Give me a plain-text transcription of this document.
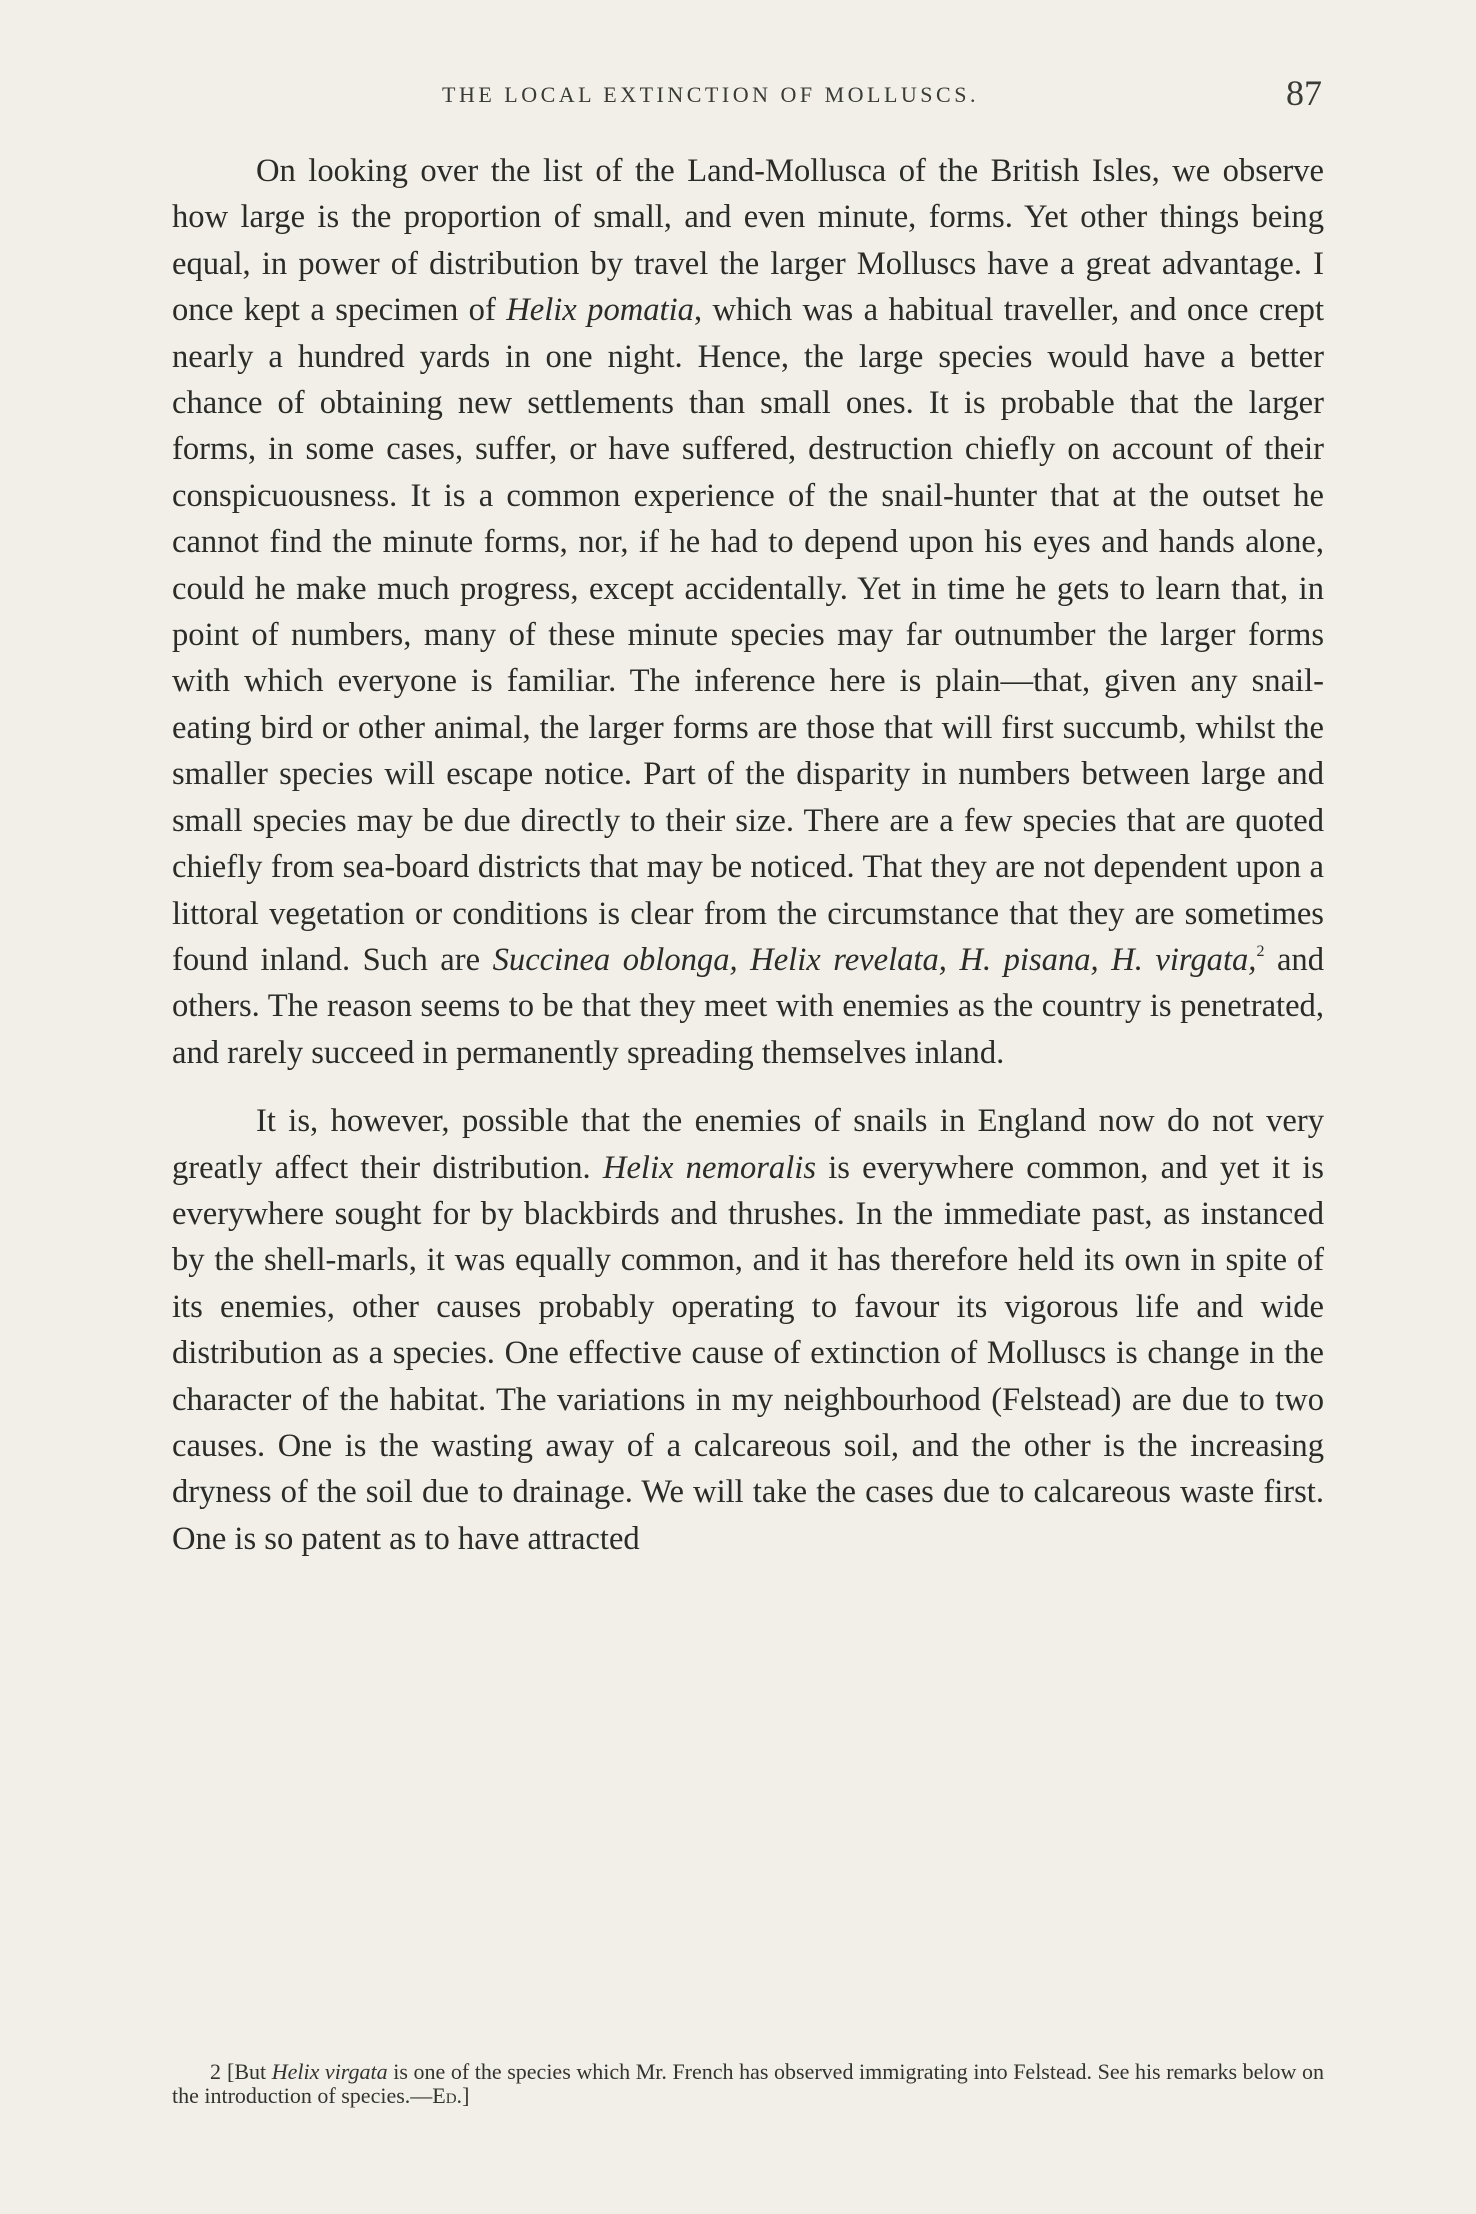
THE LOCAL EXTINCTION OF MOLLUSCS.	87

On looking over the list of the Land-Mollusca of the British Isles, we observe how large is the proportion of small, and even minute, forms. Yet other things being equal, in power of distribution by travel the larger Molluscs have a great advantage. I once kept a specimen of Helix pomatia, which was a habitual traveller, and once crept nearly a hundred yards in one night. Hence, the large species would have a better chance of obtaining new settlements than small ones. It is probable that the larger forms, in some cases, suffer, or have suffered, destruction chiefly on account of their conspicuousness. It is a common experience of the snail-hunter that at the outset he cannot find the minute forms, nor, if he had to depend upon his eyes and hands alone, could he make much progress, except accidentally. Yet in time he gets to learn that, in point of numbers, many of these minute species may far outnumber the larger forms with which everyone is familiar. The inference here is plain—that, given any snail-eating bird or other animal, the larger forms are those that will first succumb, whilst the smaller species will escape notice. Part of the disparity in numbers between large and small species may be due directly to their size. There are a few species that are quoted chiefly from sea-board districts that may be noticed. That they are not dependent upon a littoral vegetation or conditions is clear from the circumstance that they are sometimes found inland. Such are Succinea oblonga, Helix revelata, H. pisana, H. virgata,$^2$ and others. The reason seems to be that they meet with enemies as the country is penetrated, and rarely succeed in permanently spreading themselves inland.

It is, however, possible that the enemies of snails in England now do not very greatly affect their distribution. Helix nemoralis is everywhere common, and yet it is everywhere sought for by blackbirds and thrushes. In the immediate past, as instanced by the shell-marls, it was equally common, and it has therefore held its own in spite of its enemies, other causes probably operating to favour its vigorous life and wide distribution as a species. One effective cause of extinction of Molluscs is change in the character of the habitat. The variations in my neighbourhood (Felstead) are due to two causes. One is the wasting away of a calcareous soil, and the other is the increasing dryness of the soil due to drainage. We will take the cases due to calcareous waste first. One is so patent as to have attracted

2 [But Helix virgata is one of the species which Mr. French has observed immigrating into Felstead. See his remarks below on the introduction of species.—Ed.]
